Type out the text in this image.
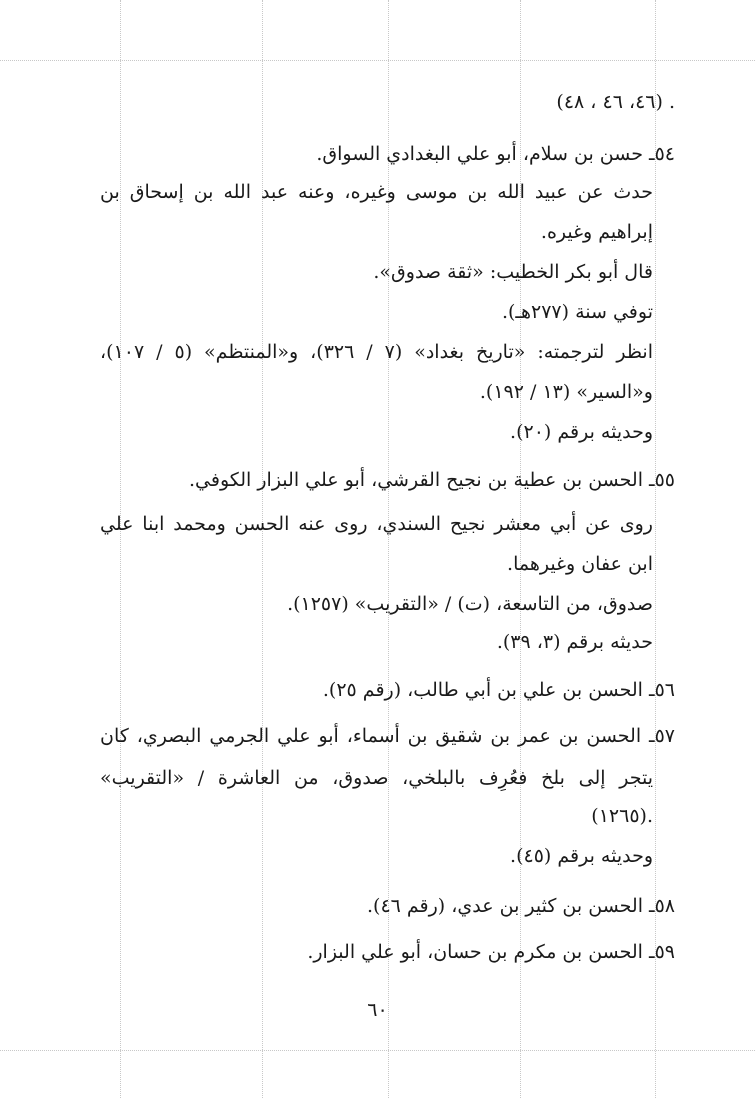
(٤٦، ٤٦ ، ٤٨) .
٥٤ـ حسن بن سلام، أبو علي البغدادي السواق.
حدث عن عبيد الله بن موسى وغيره، وعنه عبد الله بن إسحاق بن
إبراهيم وغيره.
قال أبو بكر الخطيب: «ثقة صدوق».
توفي سنة (٢٧٧هـ).
انظر لترجمته: «تاريخ بغداد» (٧ / ٣٢٦)، و«المنتظم» (٥ / ١٠٧)،
و«السير» (١٣ / ١٩٢).
وحديثه برقم (٢٠).
٥٥ـ الحسن بن عطية بن نجيح القرشي، أبو علي البزار الكوفي.
روى عن أبي معشر نجيح السندي، روى عنه الحسن ومحمد ابنا علي
ابن عفان وغيرهما.
صدوق، من التاسعة، (ت) / «التقريب» (١٢٥٧).
حديثه برقم (٣، ٣٩).
٥٦ـ الحسن بن علي بن أبي طالب، (رقم ٢٥).
٥٧ـ الحسن بن عمر بن شقيق بن أسماء، أبو علي الجرمي البصري، كان
يتجر إلى بلخ فعُرِف بالبلخي، صدوق، من العاشرة / «التقريب»
(١٢٦٥).
وحديثه برقم (٤٥).
٥٨ـ الحسن بن كثير بن عدي، (رقم ٤٦).
٥٩ـ الحسن بن مكرم بن حسان، أبو علي البزار.
٦٠
